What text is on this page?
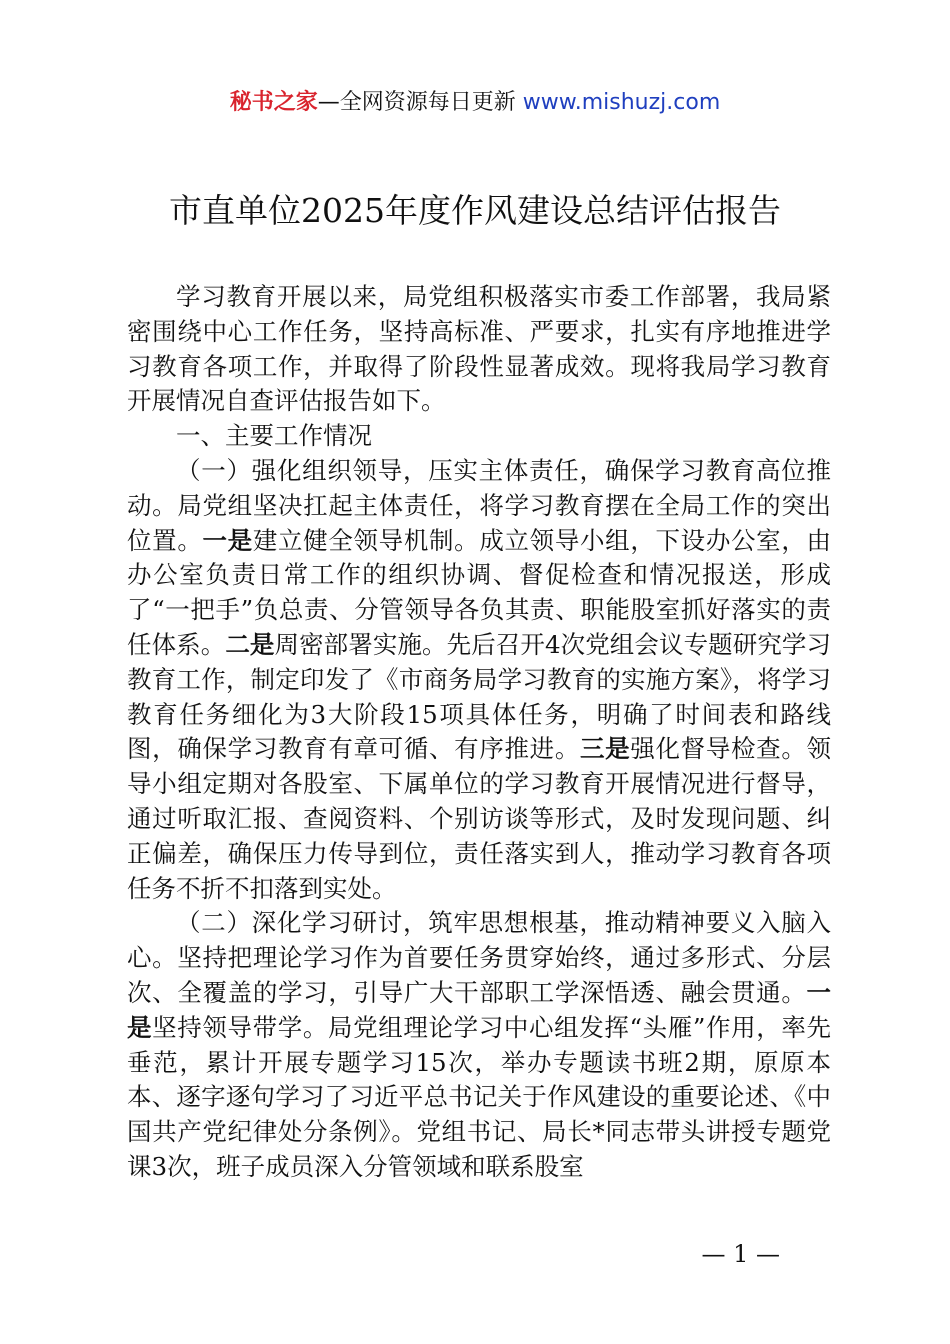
秘书之家—全网资源每日更新 www.mishuzj.com
市直单位2025年度作风建设总结评估报告

学习教育开展以来，局党组积极落实市委工作部署，我局紧密围绕中心工作任务，坚持高标准、严要求，扎实有序地推进学习教育各项工作，并取得了阶段性显著成效。现将我局学习教育开展情况自查评估报告如下。

一、主要工作情况

（一）强化组织领导，压实主体责任，确保学习教育高位推动。局党组坚决扛起主体责任，将学习教育摆在全局工作的突出位置。一是建立健全领导机制。成立领导小组，下设办公室，由办公室负责日常工作的组织协调、督促检查和情况报送，形成了“一把手”负总责、分管领导各负其责、职能股室抓好落实的责任体系。二是周密部署实施。先后召开4次党组会议专题研究学习教育工作，制定印发了《市商务局学习教育的实施方案》，将学习教育任务细化为3大阶段15项具体任务，明确了时间表和路线图，确保学习教育有章可循、有序推进。三是强化督导检查。领导小组定期对各股室、下属单位的学习教育开展情况进行督导，通过听取汇报、查阅资料、个别访谈等形式，及时发现问题、纠正偏差，确保压力传导到位，责任落实到人，推动学习教育各项任务不折不扣落到实处。

（二）深化学习研讨，筑牢思想根基，推动精神要义入脑入心。坚持把理论学习作为首要任务贯穿始终，通过多形式、分层次、全覆盖的学习，引导广大干部职工学深悟透、融会贯通。一是坚持领导带学。局党组理论学习中心组发挥“头雁”作用，率先垂范，累计开展专题学习15次，举办专题读书班2期，原原本本、逐字逐句学习了习近平总书记关于作风建设的重要论述、《中国共产党纪律处分条例》。党组书记、局长*同志带头讲授专题党课3次，班子成员深入分管领域和联系股室

— 1 —
